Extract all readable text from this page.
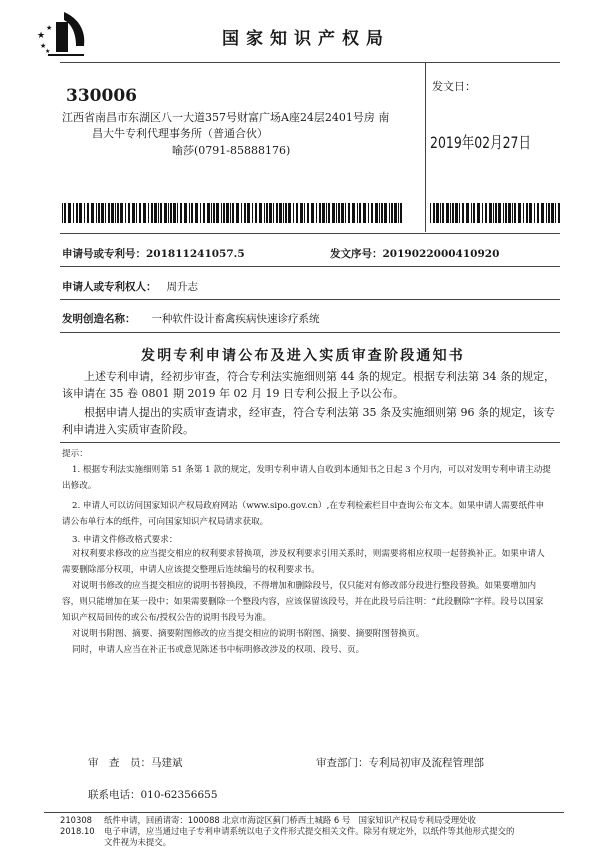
★
★
★
★
国家知识产权局
330006
江西省南昌市东湖区八一大道357号财富广场A座24层2401号房 南
昌大牛专利代理事务所（普通合伙）
喻莎(0791-85888176)
发文日：
2019年02月27日
申请号或专利号：201811241057.5	发文序号：2019022000410920
申请人或专利权人： 周升志
发明创造名称： 一种软件设计畜禽疾病快速诊疗系统
发明专利申请公布及进入实质审查阶段通知书
上述专利申请，经初步审查，符合专利法实施细则第 44 条的规定。根据专利法第 34 条的规定，该申请在 35 卷 0801 期 2019 年 02 月 19 日专利公报上予以公布。
根据申请人提出的实质审查请求，经审查，符合专利法第 35 条及实施细则第 96 条的规定，该专利申请进入实质审查阶段。
提示：
1. 根据专利法实施细则第 51 条第 1 款的规定，发明专利申请人自收到本通知书之日起 3 个月内，可以对发明专利申请主动提出修改。
2. 申请人可以访问国家知识产权局政府网站（www.sipo.gov.cn）,在专利检索栏目中查询公布文本。如果申请人需要纸件申请公布单行本的纸件，可向国家知识产权局请求获取。
3. 申请文件修改格式要求：
对权利要求修改的应当提交相应的权利要求替换项，涉及权利要求引用关系时，则需要将相应权项一起替换补正。如果申请人需要删除部分权项，申请人应该提交整理后连续编号的权利要求书。
对说明书修改的应当提交相应的说明书替换段，不得增加和删除段号，仅只能对有修改部分段进行整段替换。如果要增加内容，则只能增加在某一段中；如果需要删除一个整段内容，应该保留该段号，并在此段号后注明：“此段删除”字样。段号以国家知识产权局回传的或公布/授权公告的说明书段号为准。
对说明书附图、摘要、摘要附图修改的应当提交相应的说明书附图、摘要、摘要附图替换页。
同时，申请人应当在补正书或意见陈述书中标明修改涉及的权项、段号、页。
审　查　员：马建斌	审查部门：专利局初审及流程管理部
联系电话：010-62356655
210308
2018.10
纸件申请，回函请寄：100088 北京市海淀区蓟门桥西土城路 6 号　国家知识产权局专利局受理处收
电子申请，应当通过电子专利申请系统以电子文件形式提交相关文件。除另有规定外，以纸件等其他形式提交的
文件视为未提交。
